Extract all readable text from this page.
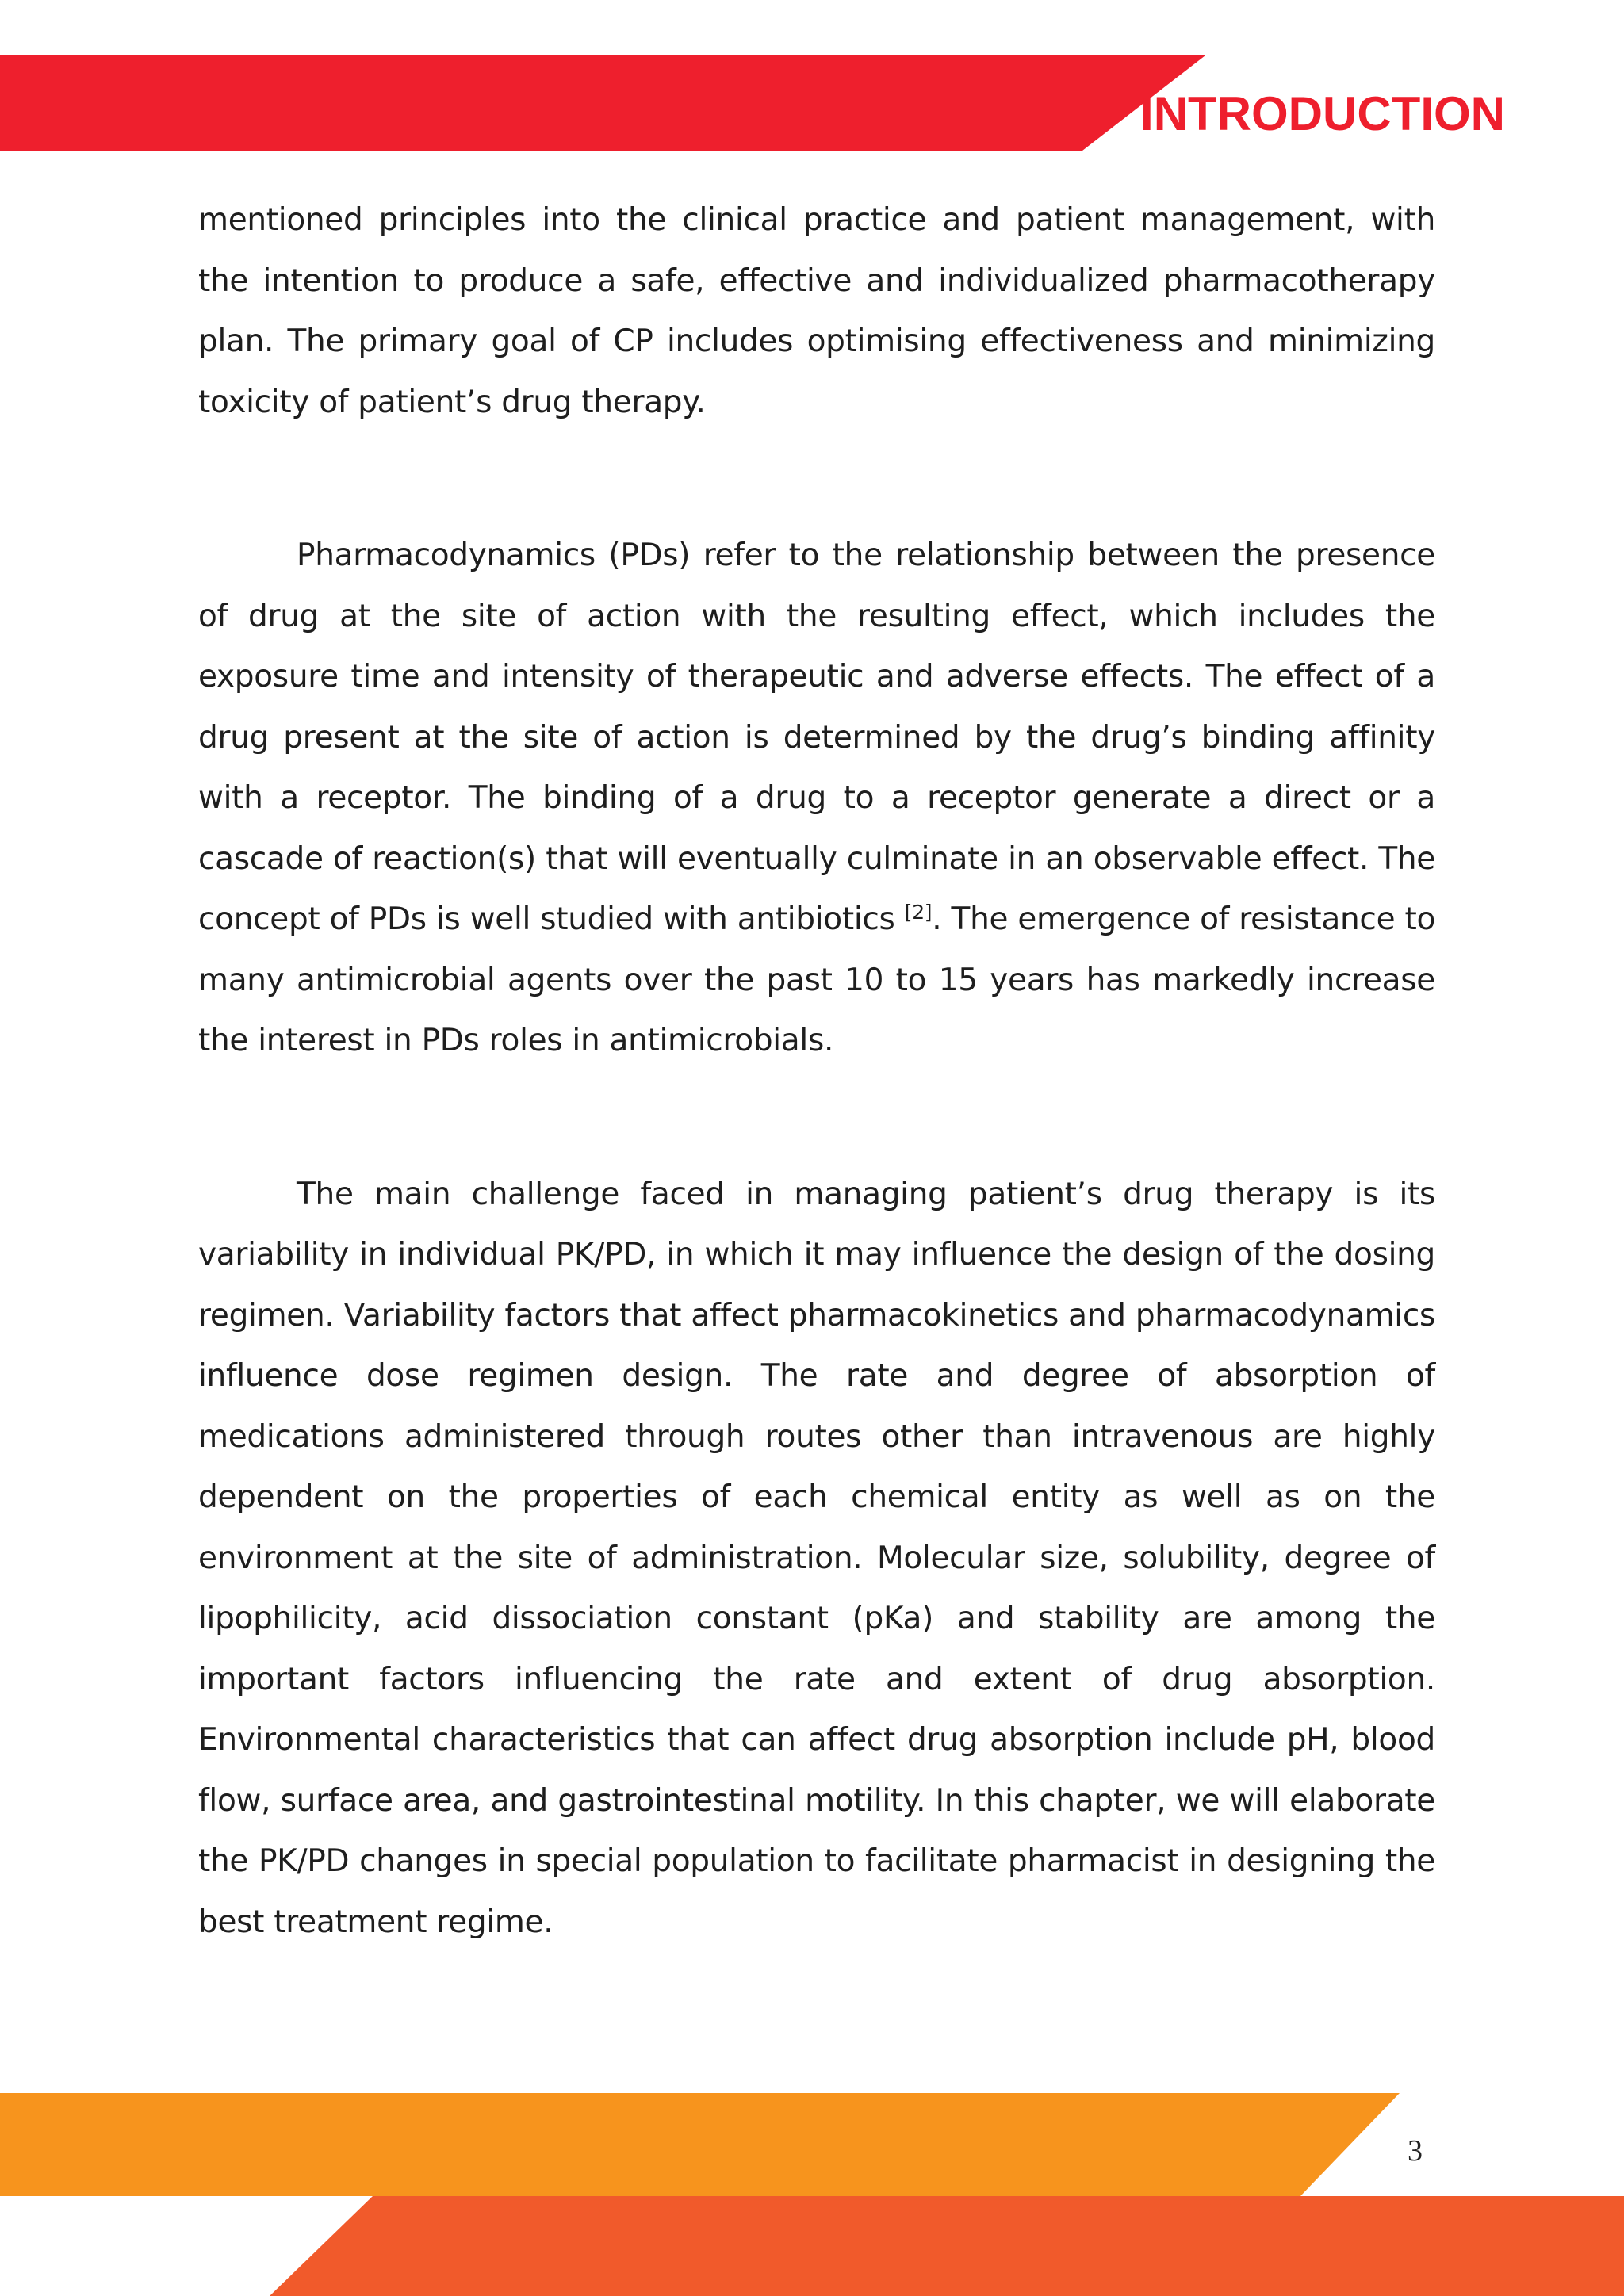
INTRODUCTION

mentioned principles into the clinical practice and patient management, with the intention to produce a safe, effective and individualized pharmacotherapy plan. The primary goal of CP includes optimising effectiveness and minimizing toxicity of patient’s drug therapy.

Pharmacodynamics (PDs) refer to the relationship between the presence of drug at the site of action with the resulting effect, which includes the exposure time and intensity of therapeutic and adverse effects. The effect of a drug present at the site of action is determined by the drug’s binding affinity with a receptor. The binding of a drug to a receptor generate a direct or a cascade of reaction(s) that will eventually culminate in an observable effect. The concept of PDs is well studied with antibiotics [2]. The emergence of resistance to many antimicrobial agents over the past 10 to 15 years has markedly increase the interest in PDs roles in antimicrobials.

The main challenge faced in managing patient’s drug therapy is its variability in individual PK/PD, in which it may influence the design of the dosing regimen. Variability factors that affect pharmacokinetics and pharmacodynamics influence dose regimen design. The rate and degree of absorption of medications administered through routes other than intravenous are highly dependent on the properties of each chemical entity as well as on the environment at the site of administration. Molecular size, solubility, degree of lipophilicity, acid dissociation constant (pKa) and stability are among the important factors influencing the rate and extent of drug absorption. Environmental characteristics that can affect drug absorption include pH, blood flow, surface area, and gastrointestinal motility. In this chapter, we will elaborate the PK/PD changes in special population to facilitate pharmacist in designing the best treatment regime.

3
